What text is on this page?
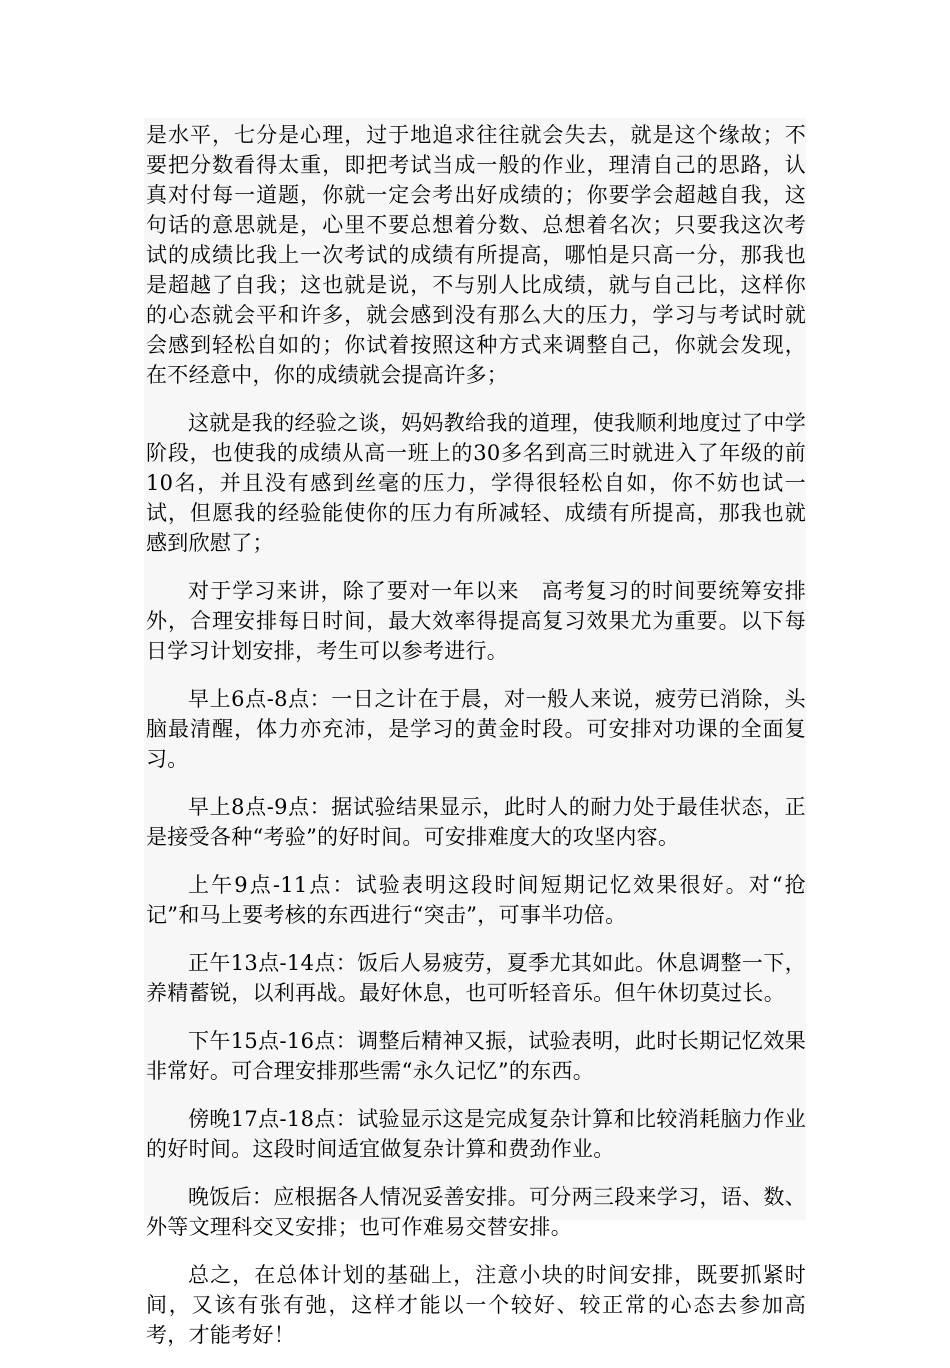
是水平，七分是心理，过于地追求往往就会失去，就是这个缘故；不要把分数看得太重，即把考试当成一般的作业，理清自己的思路，认真对付每一道题，你就一定会考出好成绩的；你要学会超越自我，这句话的意思就是，心里不要总想着分数、总想着名次；只要我这次考试的成绩比我上一次考试的成绩有所提高，哪怕是只高一分，那我也是超越了自我；这也就是说，不与别人比成绩，就与自己比，这样你的心态就会平和许多，就会感到没有那么大的压力，学习与考试时就会感到轻松自如的；你试着按照这种方式来调整自己，你就会发现，在不经意中，你的成绩就会提高许多；

这就是我的经验之谈，妈妈教给我的道理，使我顺利地度过了中学阶段，也使我的成绩从高一班上的30多名到高三时就进入了年级的前10名，并且没有感到丝毫的压力，学得很轻松自如，你不妨也试一试，但愿我的经验能使你的压力有所减轻、成绩有所提高，那我也就感到欣慰了；

对于学习来讲，除了要对一年以来　高考复习的时间要统筹安排外，合理安排每日时间，最大效率得提高复习效果尤为重要。以下每日学习计划安排，考生可以参考进行。

早上6点-8点：一日之计在于晨，对一般人来说，疲劳已消除，头脑最清醒，体力亦充沛，是学习的黄金时段。可安排对功课的全面复习。

早上8点-9点：据试验结果显示，此时人的耐力处于最佳状态，正是接受各种“考验”的好时间。可安排难度大的攻坚内容。

上午9点-11点：试验表明这段时间短期记忆效果很好。对“抢记”和马上要考核的东西进行“突击”，可事半功倍。

正午13点-14点：饭后人易疲劳，夏季尤其如此。休息调整一下，养精蓄锐，以利再战。最好休息，也可听轻音乐。但午休切莫过长。

下午15点-16点：调整后精神又振，试验表明，此时长期记忆效果非常好。可合理安排那些需“永久记忆”的东西。

傍晚17点-18点：试验显示这是完成复杂计算和比较消耗脑力作业的好时间。这段时间适宜做复杂计算和费劲作业。

晚饭后：应根据各人情况妥善安排。可分两三段来学习，语、数、外等文理科交叉安排；也可作难易交替安排。

总之，在总体计划的基础上，注意小块的时间安排，既要抓紧时间，又该有张有弛，这样才能以一个较好、较正常的心态去参加高考，才能考好！
